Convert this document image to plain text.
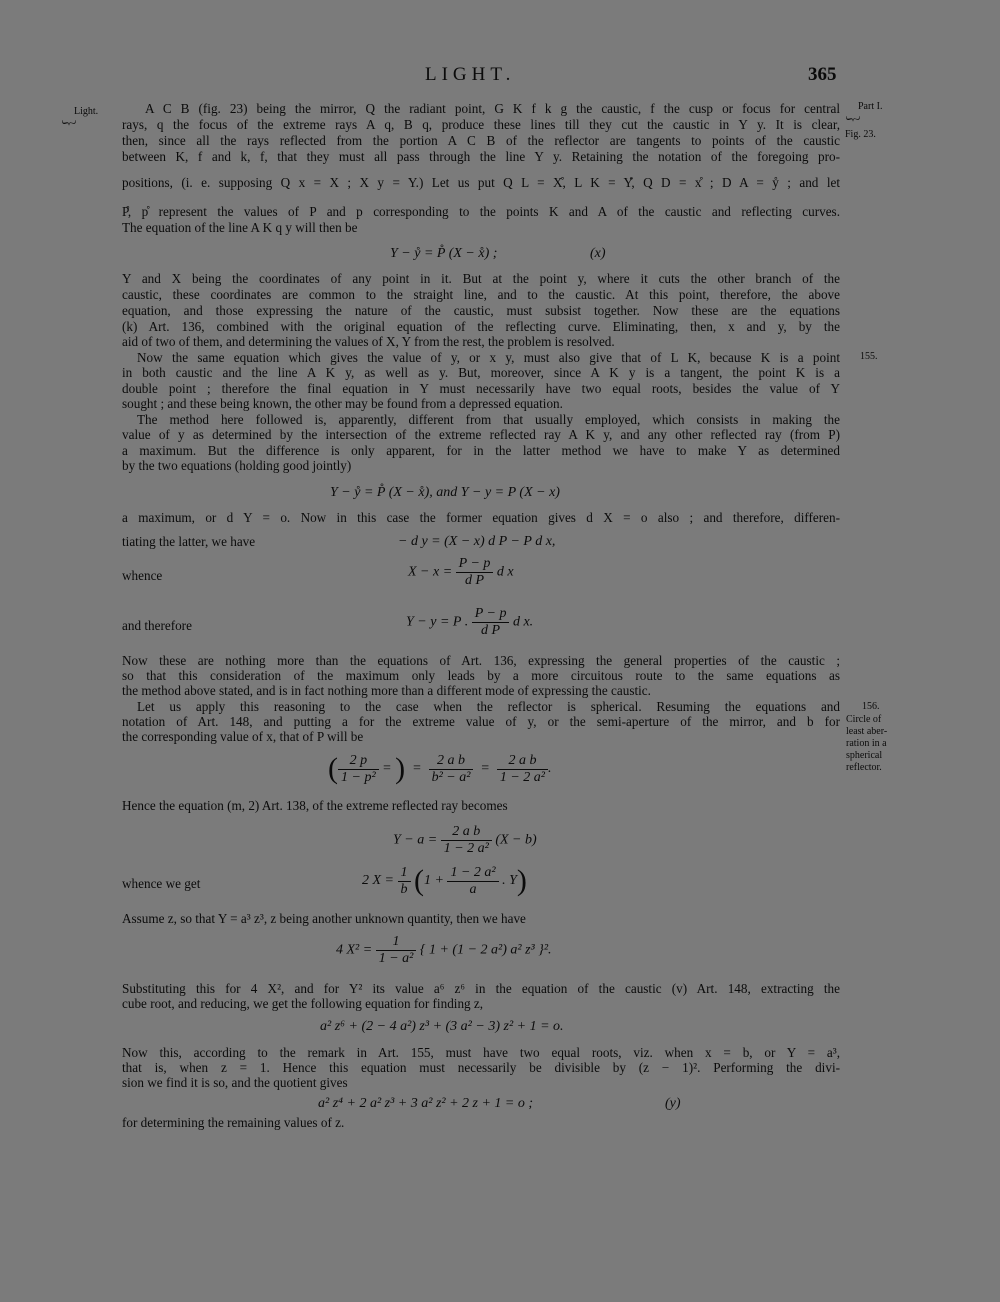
LIGHT.	365
Light.
︸
Part I.
︸
Fig. 23.
155.
156.
Circle of
least aber-
ration in a
spherical
reflector.
A C B (fig. 23) being the mirror, Q the radiant point, G K f k g the caustic, f the cusp or focus for central
rays, q the focus of the extreme rays A q, B q, produce these lines till they cut the caustic in Y y. It is clear,
then, since all the rays reflected from the portion A C B of the reflector are tangents to points of the caustic
between K, f and k, f, that they must all pass through the line Y y. Retaining the notation of the foregoing pro-
positions, (i. e. supposing Q x = X ; X y = Y.) Let us put Q L = X̊, L K = Y̊, Q D = x̊ ; D A = ẙ ; and let
P̊, p̊ represent the values of P and p corresponding to the points K and A of the caustic and reflecting curves.
The equation of the line A K q y will then be
Y − ẙ = P̊ (X − x̊) ;	(x)
Y and X being the coordinates of any point in it. But at the point y, where it cuts the other branch of the
caustic, these coordinates are common to the straight line, and to the caustic. At this point, therefore, the above
equation, and those expressing the nature of the caustic, must subsist together. Now these are the equations
(k) Art. 136, combined with the original equation of the reflecting curve. Eliminating, then, x and y, by the
aid of two of them, and determining the values of X, Y from the rest, the problem is resolved.
Now the same equation which gives the value of y, or x y, must also give that of L K, because K is a point
in both caustic and the line A K y, as well as y. But, moreover, since A K y is a tangent, the point K is a
double point ; therefore the final equation in Y must necessarily have two equal roots, besides the value of Y
sought ; and these being known, the other may be found from a depressed equation.
The method here followed is, apparently, different from that usually employed, which consists in making the
value of y as determined by the intersection of the extreme reflected ray A K y, and any other reflected ray (from P)
a maximum. But the difference is only apparent, for in the latter method we have to make Y as determined
by the two equations (holding good jointly)
Y − ẙ = P̊ (X − x̊), and Y − y = P (X − x)
a maximum, or d Y = o. Now in this case the former equation gives d X = o also ; and therefore, differen-
tiating the latter, we have	− d y = (X − x) d P − P d x,
whence	$X - x = \frac{P - p}{\text{d P}}$ d x
and therefore	Y − y = P . $\frac{P - p}{\text{d P}}$ d x.
Now these are nothing more than the equations of Art. 136, expressing the general properties of the caustic ;
so that this consideration of the maximum only leads by a more circuitous route to the same equations as
the method above stated, and is in fact nothing more than a different mode of expressing the caustic.
Let us apply this reasoning to the case when the reflector is spherical. Resuming the equations and
notation of Art. 148, and putting a for the extreme value of y, or the semi-aperture of the mirror, and b for
the corresponding value of x, that of P will be
( $\frac{2 p}{\text{1 − p²}}$ = )  = $\frac{\text{2 a b}}{\text{b² − a²}} = \frac{\text{2 a b}}{\text{1 − 2 a²}}$ .
Hence the equation (m, 2) Art. 138, of the extreme reflected ray becomes
$Y - a = \frac{\text{2 a b}}{\text{1 − 2 a²}} (X - b)$
whence we get	2 $X = \frac{1}{b} (1 + \frac{\text{1 − 2 a²}}{a}$ . Y)
Assume z, so that Y = a³ z³, z being another unknown quantity, then we have
4 $X^2 = \frac{1}{\text{1 − a²}}$ { 1 + (1 − 2 a²) a² z³ }².
Substituting this for 4 X², and for Y² its value a⁶ z⁶ in the equation of the caustic (v) Art. 148, extracting the
cube root, and reducing, we get the following equation for finding z,
a² z⁶ + (2 − 4 a²) z³ + (3 a² − 3) z² + 1 = o.
Now this, according to the remark in Art. 155, must have two equal roots, viz. when x = b, or Y = a³,
that is, when z = 1. Hence this equation must necessarily be divisible by (z − 1)². Performing the divi-
sion we find it is so, and the quotient gives
a² z⁴ + 2 a² z³ + 3 a² z² + 2 z + 1 = o ;	(y)
for determining the remaining values of z.
